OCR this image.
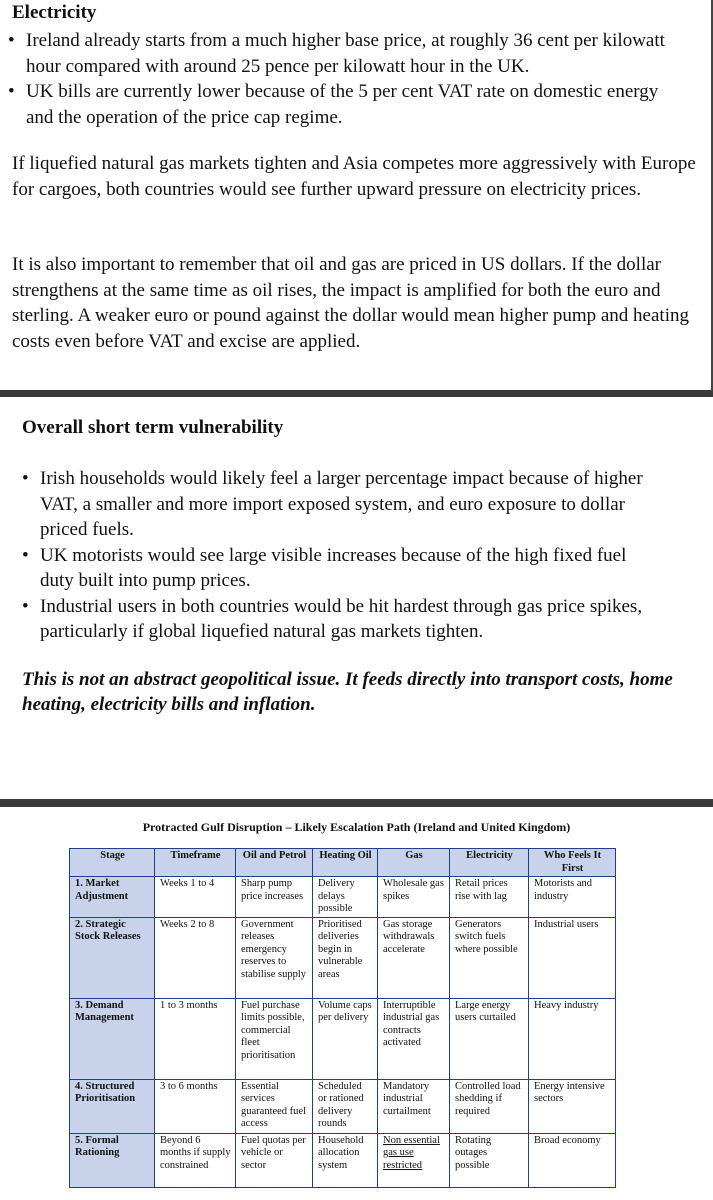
Electricity
• Ireland already starts from a much higher base price, at roughly 36 cent per kilowatt hour compared with around 25 pence per kilowatt hour in the UK.
• UK bills are currently lower because of the 5 per cent VAT rate on domestic energy and the operation of the price cap regime.

If liquefied natural gas markets tighten and Asia competes more aggressively with Europe for cargoes, both countries would see further upward pressure on electricity prices.

It is also important to remember that oil and gas are priced in US dollars. If the dollar strengthens at the same time as oil rises, the impact is amplified for both the euro and sterling. A weaker euro or pound against the dollar would mean higher pump and heating costs even before VAT and excise are applied.

Overall short term vulnerability
• Irish households would likely feel a larger percentage impact because of higher VAT, a smaller and more import exposed system, and euro exposure to dollar priced fuels.
• UK motorists would see large visible increases because of the high fixed fuel duty built into pump prices.
• Industrial users in both countries would be hit hardest through gas price spikes, particularly if global liquefied natural gas markets tighten.

This is not an abstract geopolitical issue. It feeds directly into transport costs, home heating, electricity bills and inflation.

Protracted Gulf Disruption – Likely Escalation Path (Ireland and United Kingdom)
Stage	Timeframe	Oil and Petrol	Heating Oil	Gas	Electricity	Who Feels It First
1. Market Adjustment	Weeks 1 to 4	Sharp pump price increases	Delivery delays possible	Wholesale gas spikes	Retail prices rise with lag	Motorists and industry
2. Strategic Stock Releases	Weeks 2 to 8	Government releases emergency reserves to stabilise supply	Prioritised deliveries begin in vulnerable areas	Gas storage withdrawals accelerate	Generators switch fuels where possible	Industrial users
3. Demand Management	1 to 3 months	Fuel purchase limits possible, commercial fleet prioritisation	Volume caps per delivery	Interruptible industrial gas contracts activated	Large energy users curtailed	Heavy industry
4. Structured Prioritisation	3 to 6 months	Essential services guaranteed fuel access	Scheduled or rationed delivery rounds	Mandatory industrial curtailment	Controlled load shedding if required	Energy intensive sectors
5. Formal Rationing	Beyond 6 months if supply constrained	Fuel quotas per vehicle or sector	Household allocation system	Non essential gas use restricted	Rotating outages possible	Broad economy
